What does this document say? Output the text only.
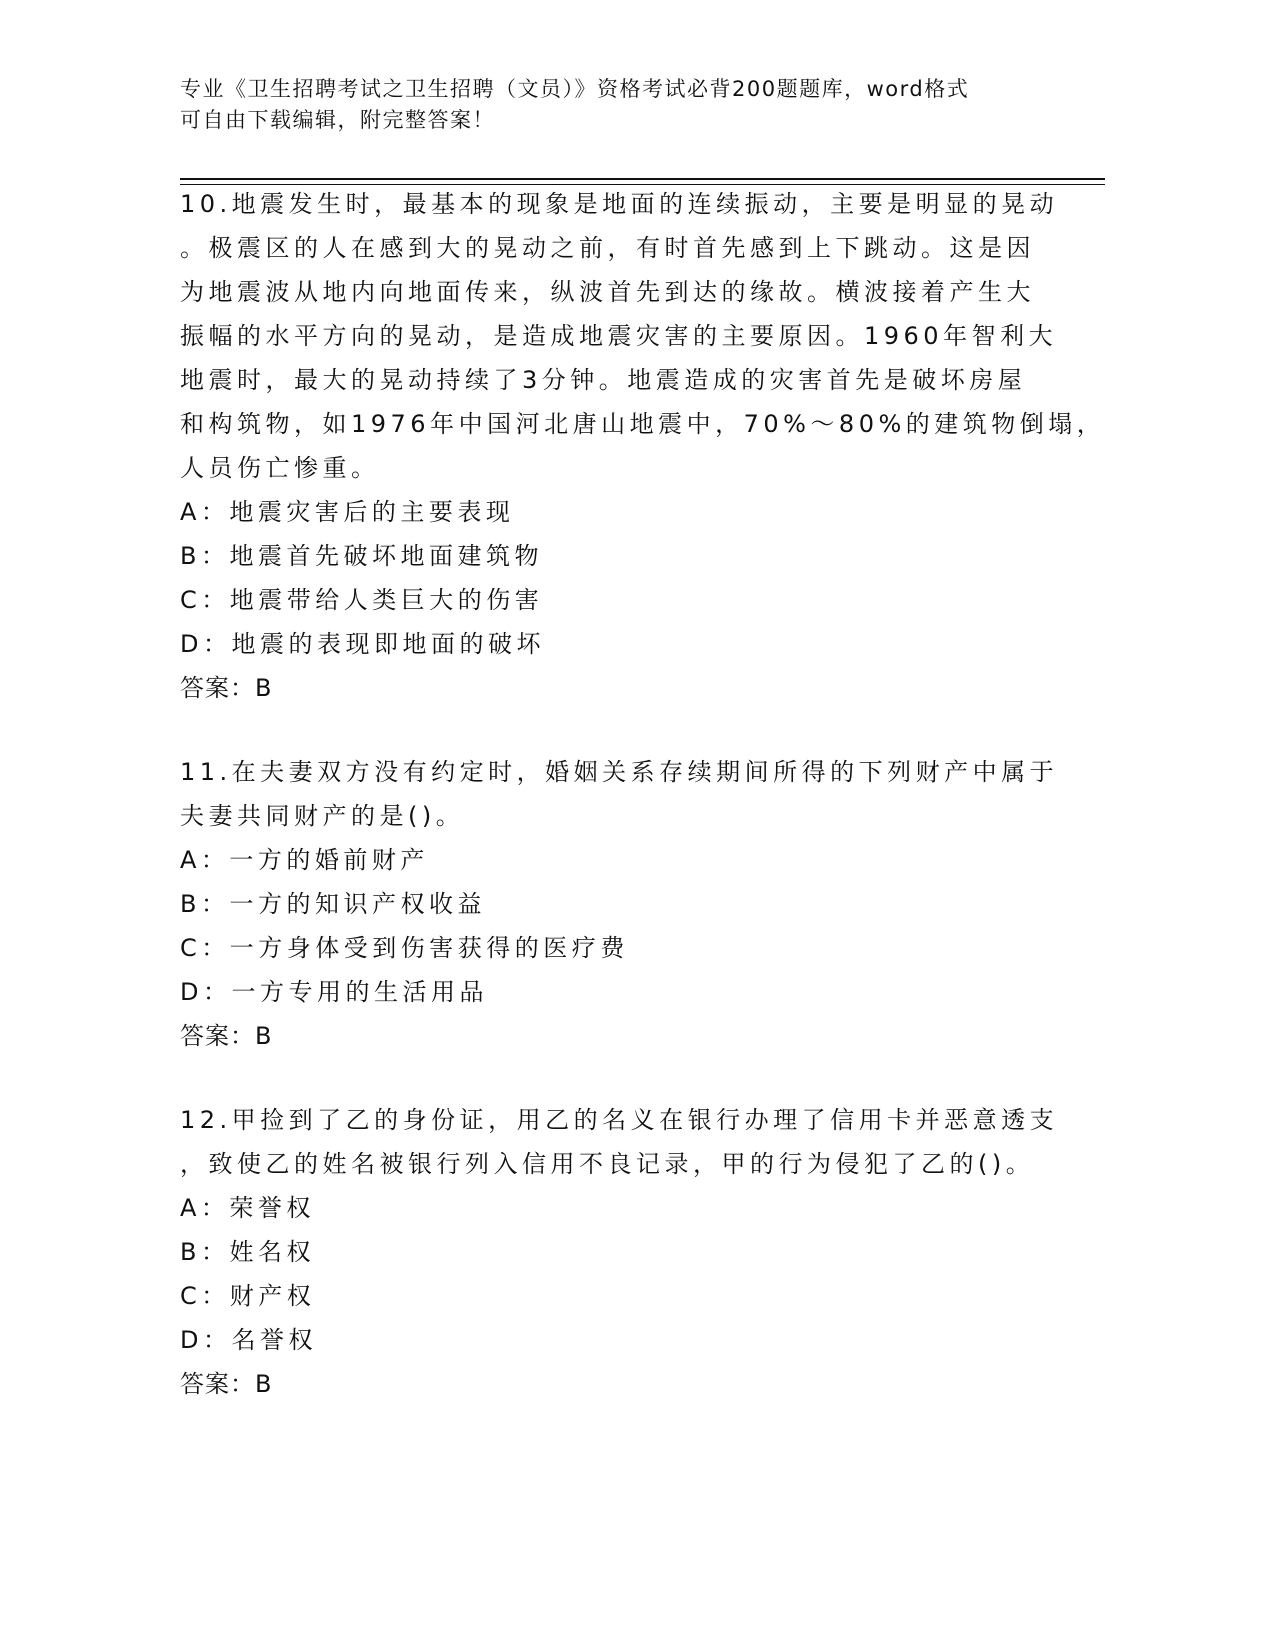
专业《卫生招聘考试之卫生招聘（文员）》资格考试必背200题题库，word格式
可自由下载编辑，附完整答案！
10.地震发生时，最基本的现象是地面的连续振动，主要是明显的晃动
。极震区的人在感到大的晃动之前，有时首先感到上下跳动。这是因
为地震波从地内向地面传来，纵波首先到达的缘故。横波接着产生大
振幅的水平方向的晃动，是造成地震灾害的主要原因。1960年智利大
地震时，最大的晃动持续了3分钟。地震造成的灾害首先是破坏房屋
和构筑物，如1976年中国河北唐山地震中，70%～80%的建筑物倒塌，
人员伤亡惨重。
A：地震灾害后的主要表现
B：地震首先破坏地面建筑物
C：地震带给人类巨大的伤害
D：地震的表现即地面的破坏
答案：B
11.在夫妻双方没有约定时，婚姻关系存续期间所得的下列财产中属于
夫妻共同财产的是()。
A：一方的婚前财产
B：一方的知识产权收益
C：一方身体受到伤害获得的医疗费
D：一方专用的生活用品
答案：B
12.甲捡到了乙的身份证，用乙的名义在银行办理了信用卡并恶意透支
，致使乙的姓名被银行列入信用不良记录，甲的行为侵犯了乙的()。
A：荣誉权
B：姓名权
C：财产权
D：名誉权
答案：B
